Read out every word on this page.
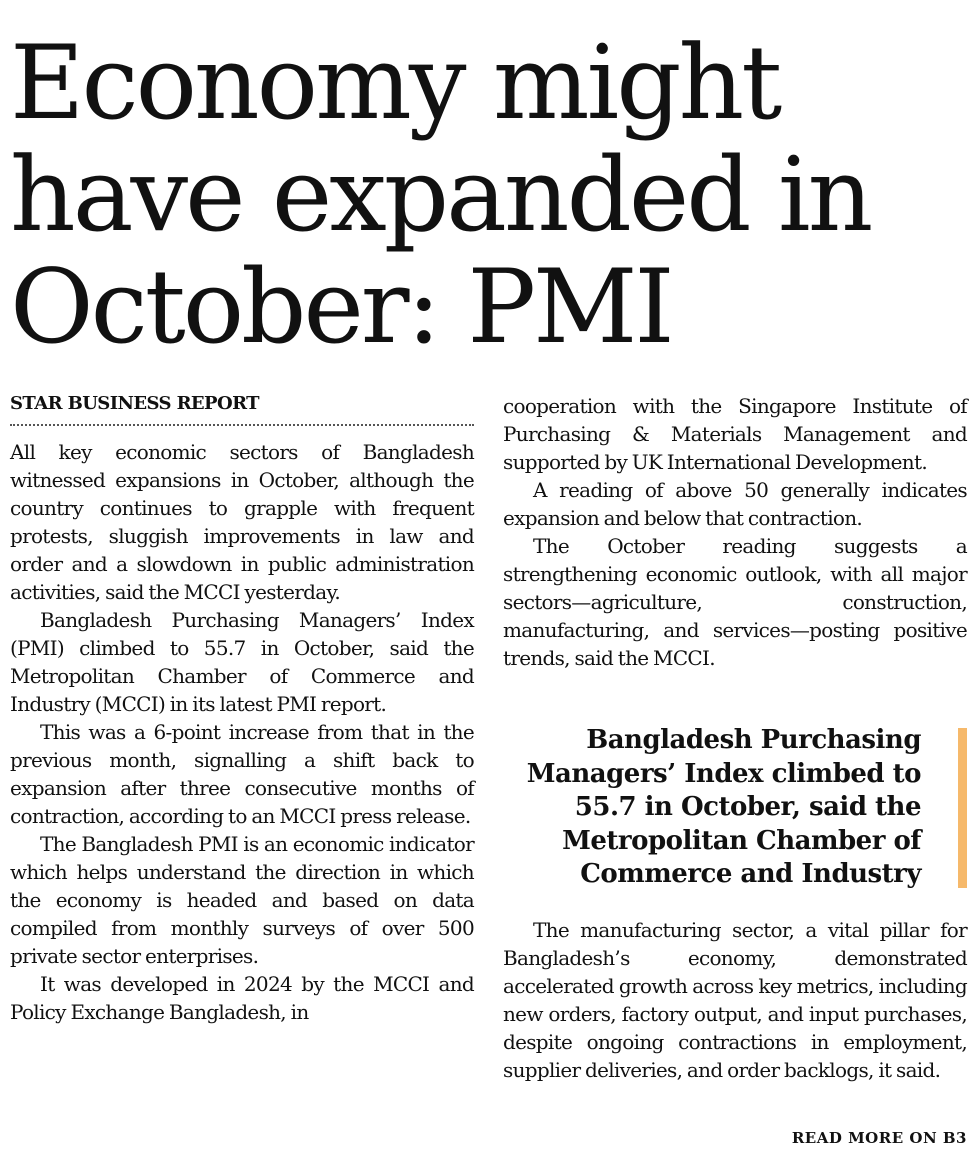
Economy might have expanded in October: PMI
STAR BUSINESS REPORT

All key economic sectors of Bangladesh witnessed expansions in October, although the country continues to grapple with frequent protests, sluggish improvements in law and order and a slowdown in public administration activities, said the MCCI yesterday.

Bangladesh Purchasing Managers’ Index (PMI) climbed to 55.7 in October, said the Metropolitan Chamber of Commerce and Industry (MCCI) in its latest PMI report.

This was a 6-point increase from that in the previous month, signalling a shift back to expansion after three consecutive months of contraction, according to an MCCI press release.

The Bangladesh PMI is an economic indicator which helps understand the direction in which the economy is headed and based on data compiled from monthly surveys of over 500 private sector enterprises.

It was developed in 2024 by the MCCI and Policy Exchange Bangladesh, in

cooperation with the Singapore Institute of Purchasing & Materials Management and supported by UK International Development.

A reading of above 50 generally indicates expansion and below that contraction.

The October reading suggests a strengthening economic outlook, with all major sectors—agriculture, construction, manufacturing, and services—posting positive trends, said the MCCI.

Bangladesh Purchasing Managers’ Index climbed to 55.7 in October, said the Metropolitan Chamber of Commerce and Industry

The manufacturing sector, a vital pillar for Bangladesh’s economy, demonstrated accelerated growth across key metrics, including new orders, factory output, and input purchases, despite ongoing contractions in employment, supplier deliveries, and order backlogs, it said.

READ MORE ON B3
